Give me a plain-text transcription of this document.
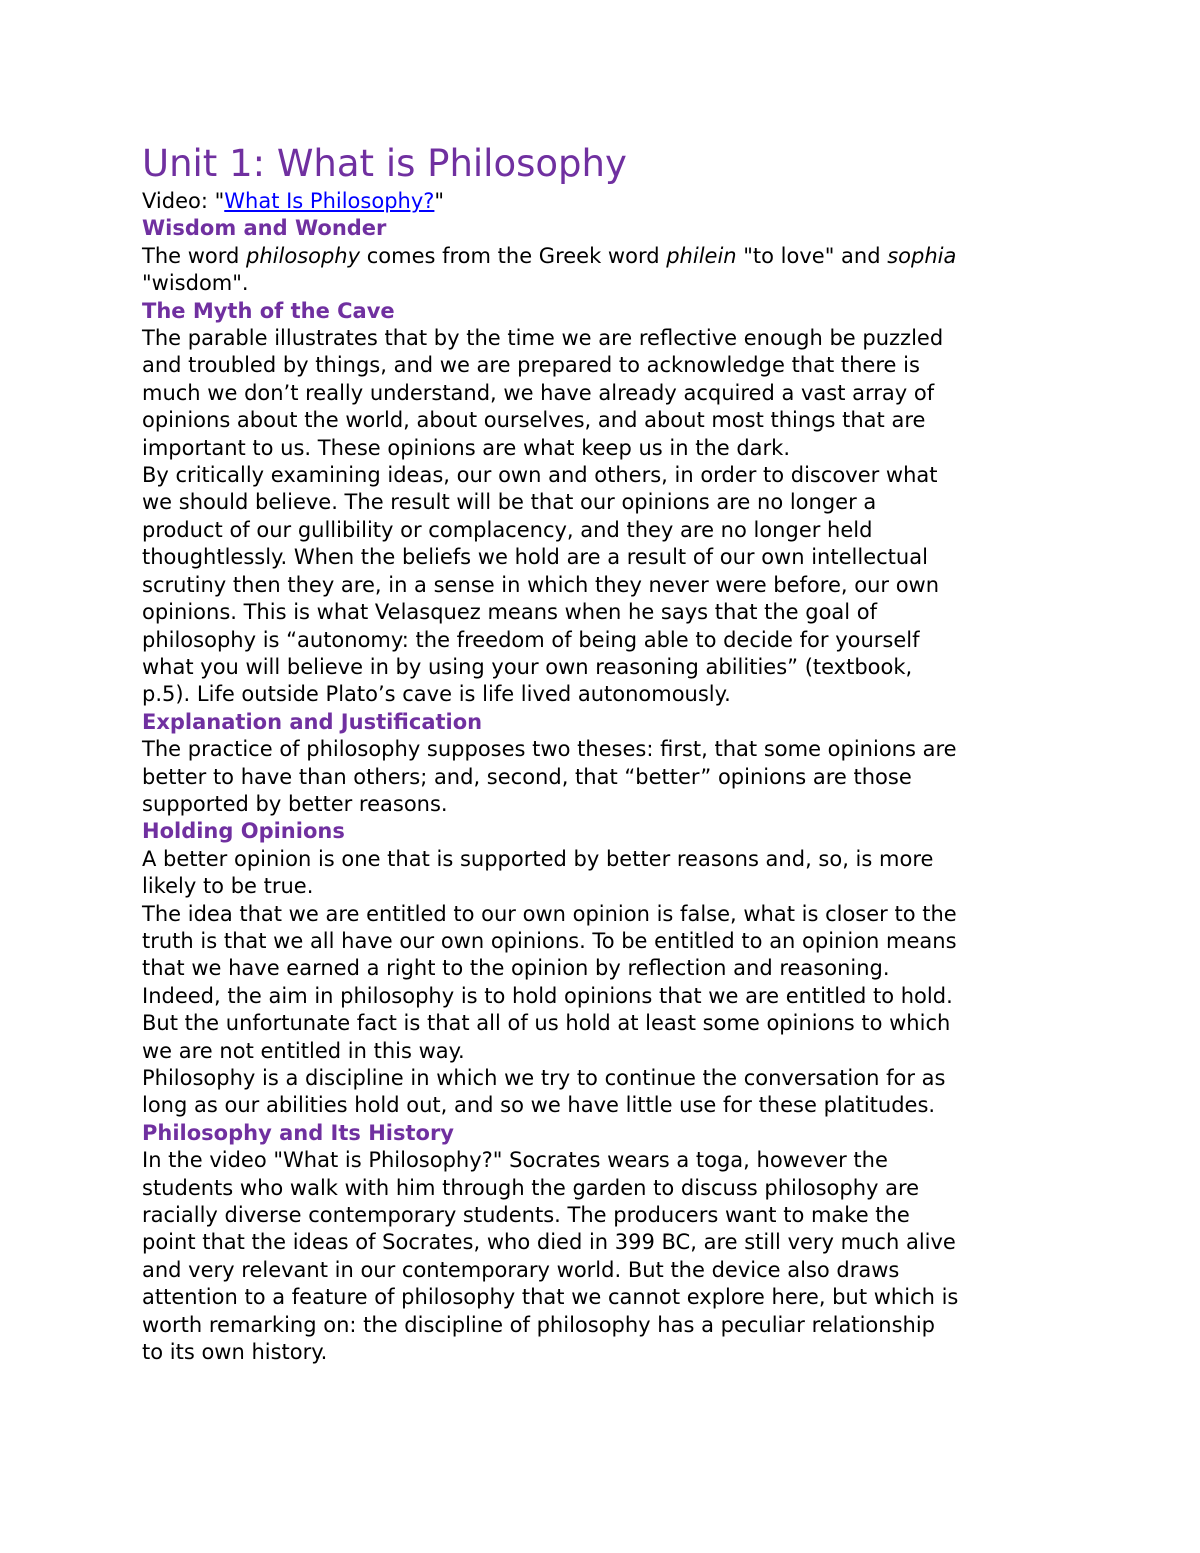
Unit 1: What is Philosophy

Video: "What Is Philosophy?"

Wisdom and Wonder

The word philosophy comes from the Greek word philein "to love" and sophia
"wisdom".

The Myth of the Cave

The parable illustrates that by the time we are reflective enough be puzzled
and troubled by things, and we are prepared to acknowledge that there is
much we don’t really understand, we have already acquired a vast array of
opinions about the world, about ourselves, and about most things that are
important to us. These opinions are what keep us in the dark.

By critically examining ideas, our own and others, in order to discover what
we should believe. The result will be that our opinions are no longer a
product of our gullibility or complacency, and they are no longer held
thoughtlessly. When the beliefs we hold are a result of our own intellectual
scrutiny then they are, in a sense in which they never were before, our own
opinions. This is what Velasquez means when he says that the goal of
philosophy is “autonomy: the freedom of being able to decide for yourself
what you will believe in by using your own reasoning abilities” (textbook,
p.5). Life outside Plato’s cave is life lived autonomously.

Explanation and Justification

The practice of philosophy supposes two theses: first, that some opinions are
better to have than others; and, second, that “better” opinions are those
supported by better reasons.

Holding Opinions

A better opinion is one that is supported by better reasons and, so, is more
likely to be true.

The idea that we are entitled to our own opinion is false, what is closer to the
truth is that we all have our own opinions. To be entitled to an opinion means
that we have earned a right to the opinion by reflection and reasoning.
Indeed, the aim in philosophy is to hold opinions that we are entitled to hold.
But the unfortunate fact is that all of us hold at least some opinions to which
we are not entitled in this way.

Philosophy is a discipline in which we try to continue the conversation for as
long as our abilities hold out, and so we have little use for these platitudes.

Philosophy and Its History

In the video "What is Philosophy?" Socrates wears a toga, however the
students who walk with him through the garden to discuss philosophy are
racially diverse contemporary students. The producers want to make the
point that the ideas of Socrates, who died in 399 BC, are still very much alive
and very relevant in our contemporary world. But the device also draws
attention to a feature of philosophy that we cannot explore here, but which is
worth remarking on: the discipline of philosophy has a peculiar relationship
to its own history.
